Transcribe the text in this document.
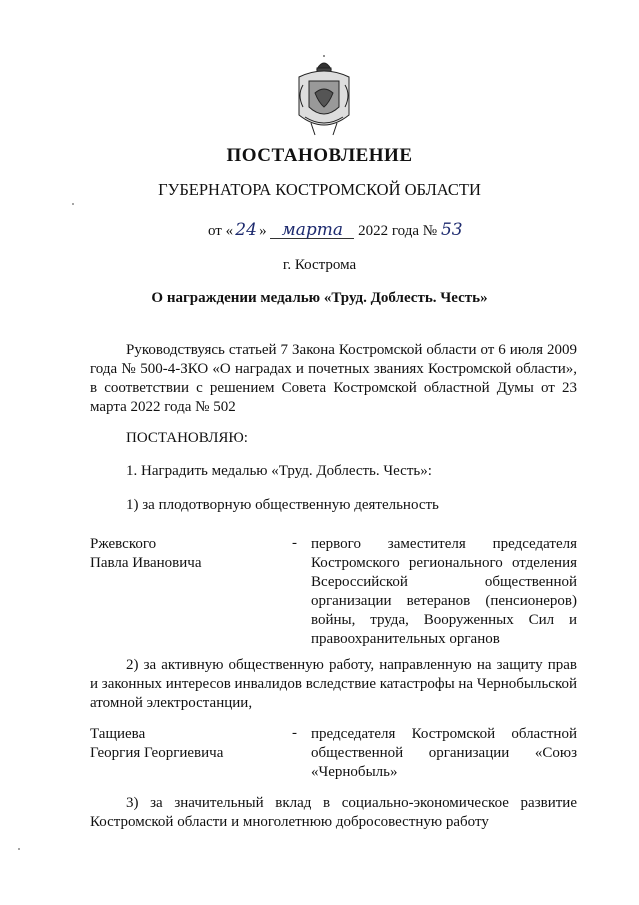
ПОСТАНОВЛЕНИЕ
ГУБЕРНАТОРА КОСТРОМСКОЙ ОБЛАСТИ
от « 24 » марта 2022 года № 53
г. Кострома
О награждении медалью «Труд. Доблесть. Честь»
Руководствуясь статьей 7 Закона Костромской области от 6 июля 2009 года № 500-4-ЗКО «О наградах и почетных званиях Костромской области», в соответствии с решением Совета Костромской областной Думы от 23 марта 2022 года № 502
ПОСТАНОВЛЯЮ:
1. Наградить медалью «Труд. Доблесть. Честь»:
1) за плодотворную общественную деятельность
Ржевского
Павла Ивановича
- первого заместителя председателя Костромского регионального отделения Всероссийской общественной организации ветеранов (пенсионеров) войны, труда, Вооруженных Сил и правоохранительных органов
2) за активную общественную работу, направленную на защиту прав и законных интересов инвалидов вследствие катастрофы на Чернобыльской атомной электростанции,
Тащиева
Георгия Георгиевича
- председателя Костромской областной общественной организации «Союз «Чернобыль»
3) за значительный вклад в социально-экономическое развитие Костромской области и многолетнюю добросовестную работу
